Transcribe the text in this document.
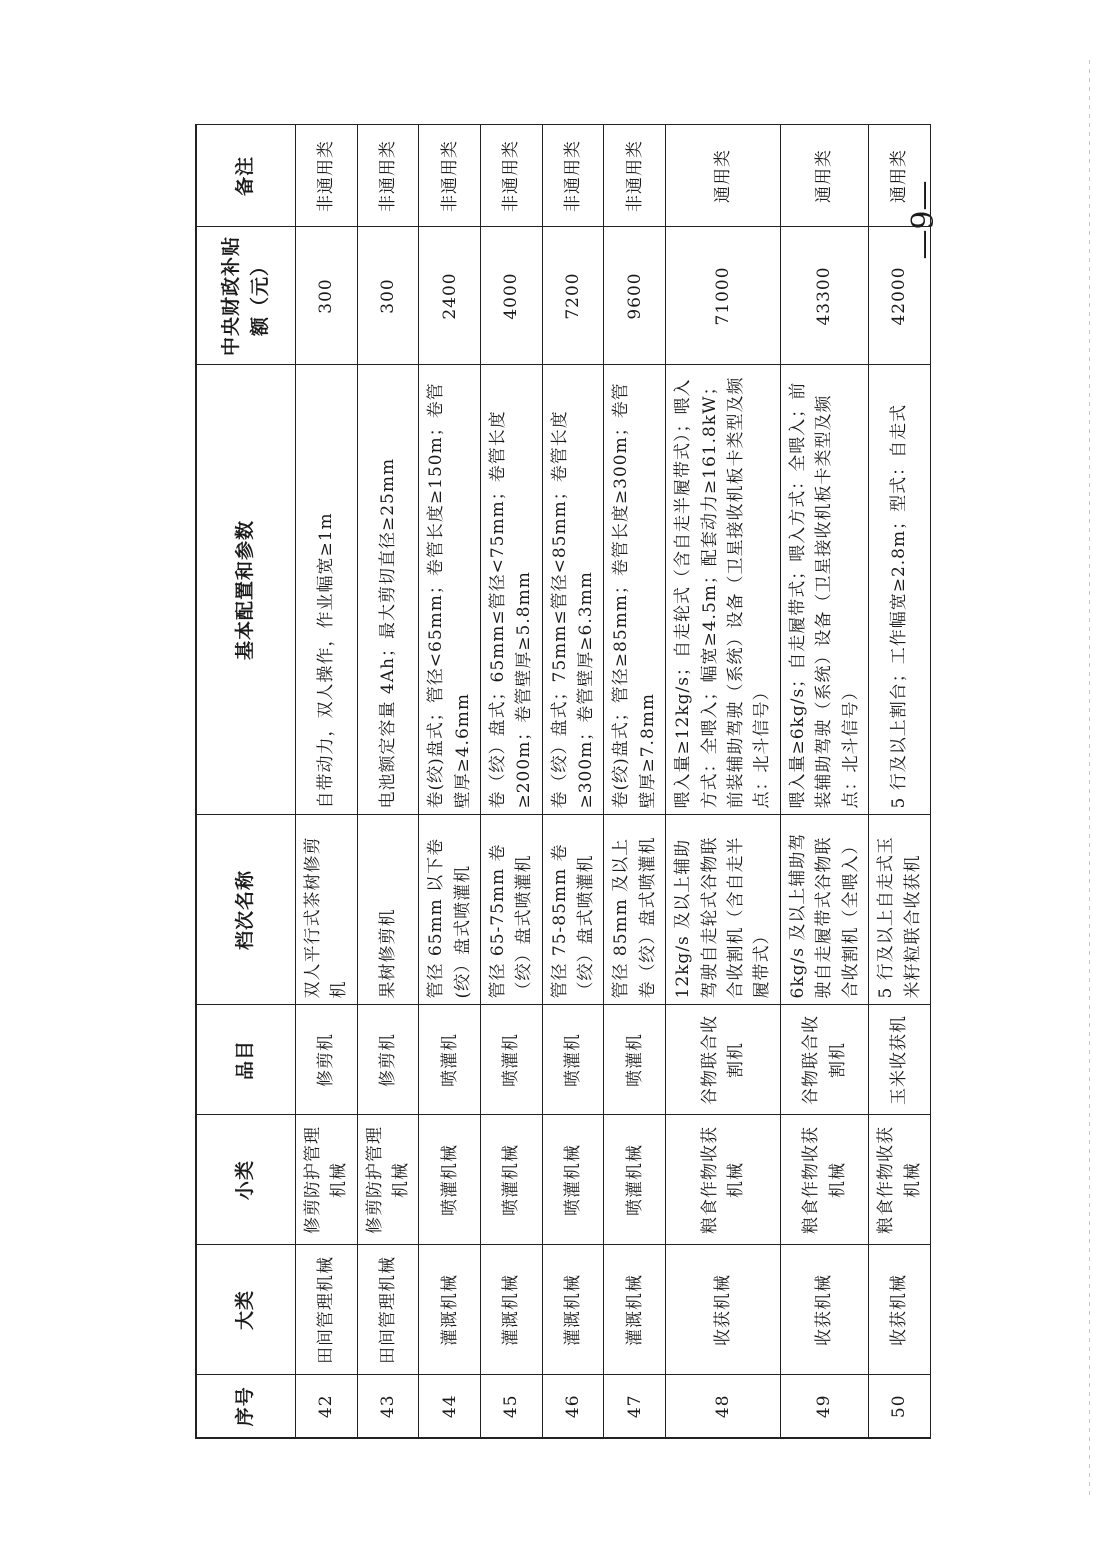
—9—
序号	大类	小类	品目	档次名称	基本配置和参数	中央财政补贴额（元）	备注
42	田间管理机械	修剪防护管理机械	修剪机	双人平行式茶树修剪机	自带动力，双人操作，作业幅宽≥1m	300	非通用类
43	田间管理机械	修剪防护管理机械	修剪机	果树修剪机	电池额定容量 4Ah；最大剪切直径≥25mm	300	非通用类
44	灌溉机械	喷灌机械	喷灌机	管径 65mm 以下卷(绞）盘式喷灌机	卷(绞)盘式；管径<65mm；卷管长度≥150m；卷管壁厚≥4.6mm	2400	非通用类
45	灌溉机械	喷灌机械	喷灌机	管径 65-75mm 卷（绞）盘式喷灌机	卷（绞）盘式；65mm≤管径<75mm；卷管长度≥200m；卷管壁厚≥5.8mm	4000	非通用类
46	灌溉机械	喷灌机械	喷灌机	管径 75-85mm 卷（绞）盘式喷灌机	卷（绞）盘式；75mm≤管径<85mm；卷管长度≥300m；卷管壁厚≥6.3mm	7200	非通用类
47	灌溉机械	喷灌机械	喷灌机	管径 85mm 及以上卷（绞）盘式喷灌机	卷(绞)盘式；管径≥85mm；卷管长度≥300m；卷管壁厚≥7.8mm	9600	非通用类
48	收获机械	粮食作物收获机械	谷物联合收割机	12kg/s 及以上辅助驾驶自走轮式谷物联合收割机（含自走半履带式）	喂入量≥12kg/s；自走轮式（含自走半履带式）；喂入方式：全喂入；幅宽≥4.5m；配套动力≥161.8kW；前装辅助驾驶（系统）设备（卫星接收机板卡类型及频点：北斗信号）	71000	通用类
49	收获机械	粮食作物收获机械	谷物联合收割机	6kg/s 及以上辅助驾驶自走履带式谷物联合收割机（全喂入）	喂入量≥6kg/s；自走履带式；喂入方式：全喂入；前装辅助驾驶（系统）设备（卫星接收机板卡类型及频点：北斗信号）	43300	通用类
50	收获机械	粮食作物收获机械	玉米收获机	5 行及以上自走式玉米籽粒联合收获机	5 行及以上割台；工作幅宽≥2.8m；型式：自走式	42000	通用类
